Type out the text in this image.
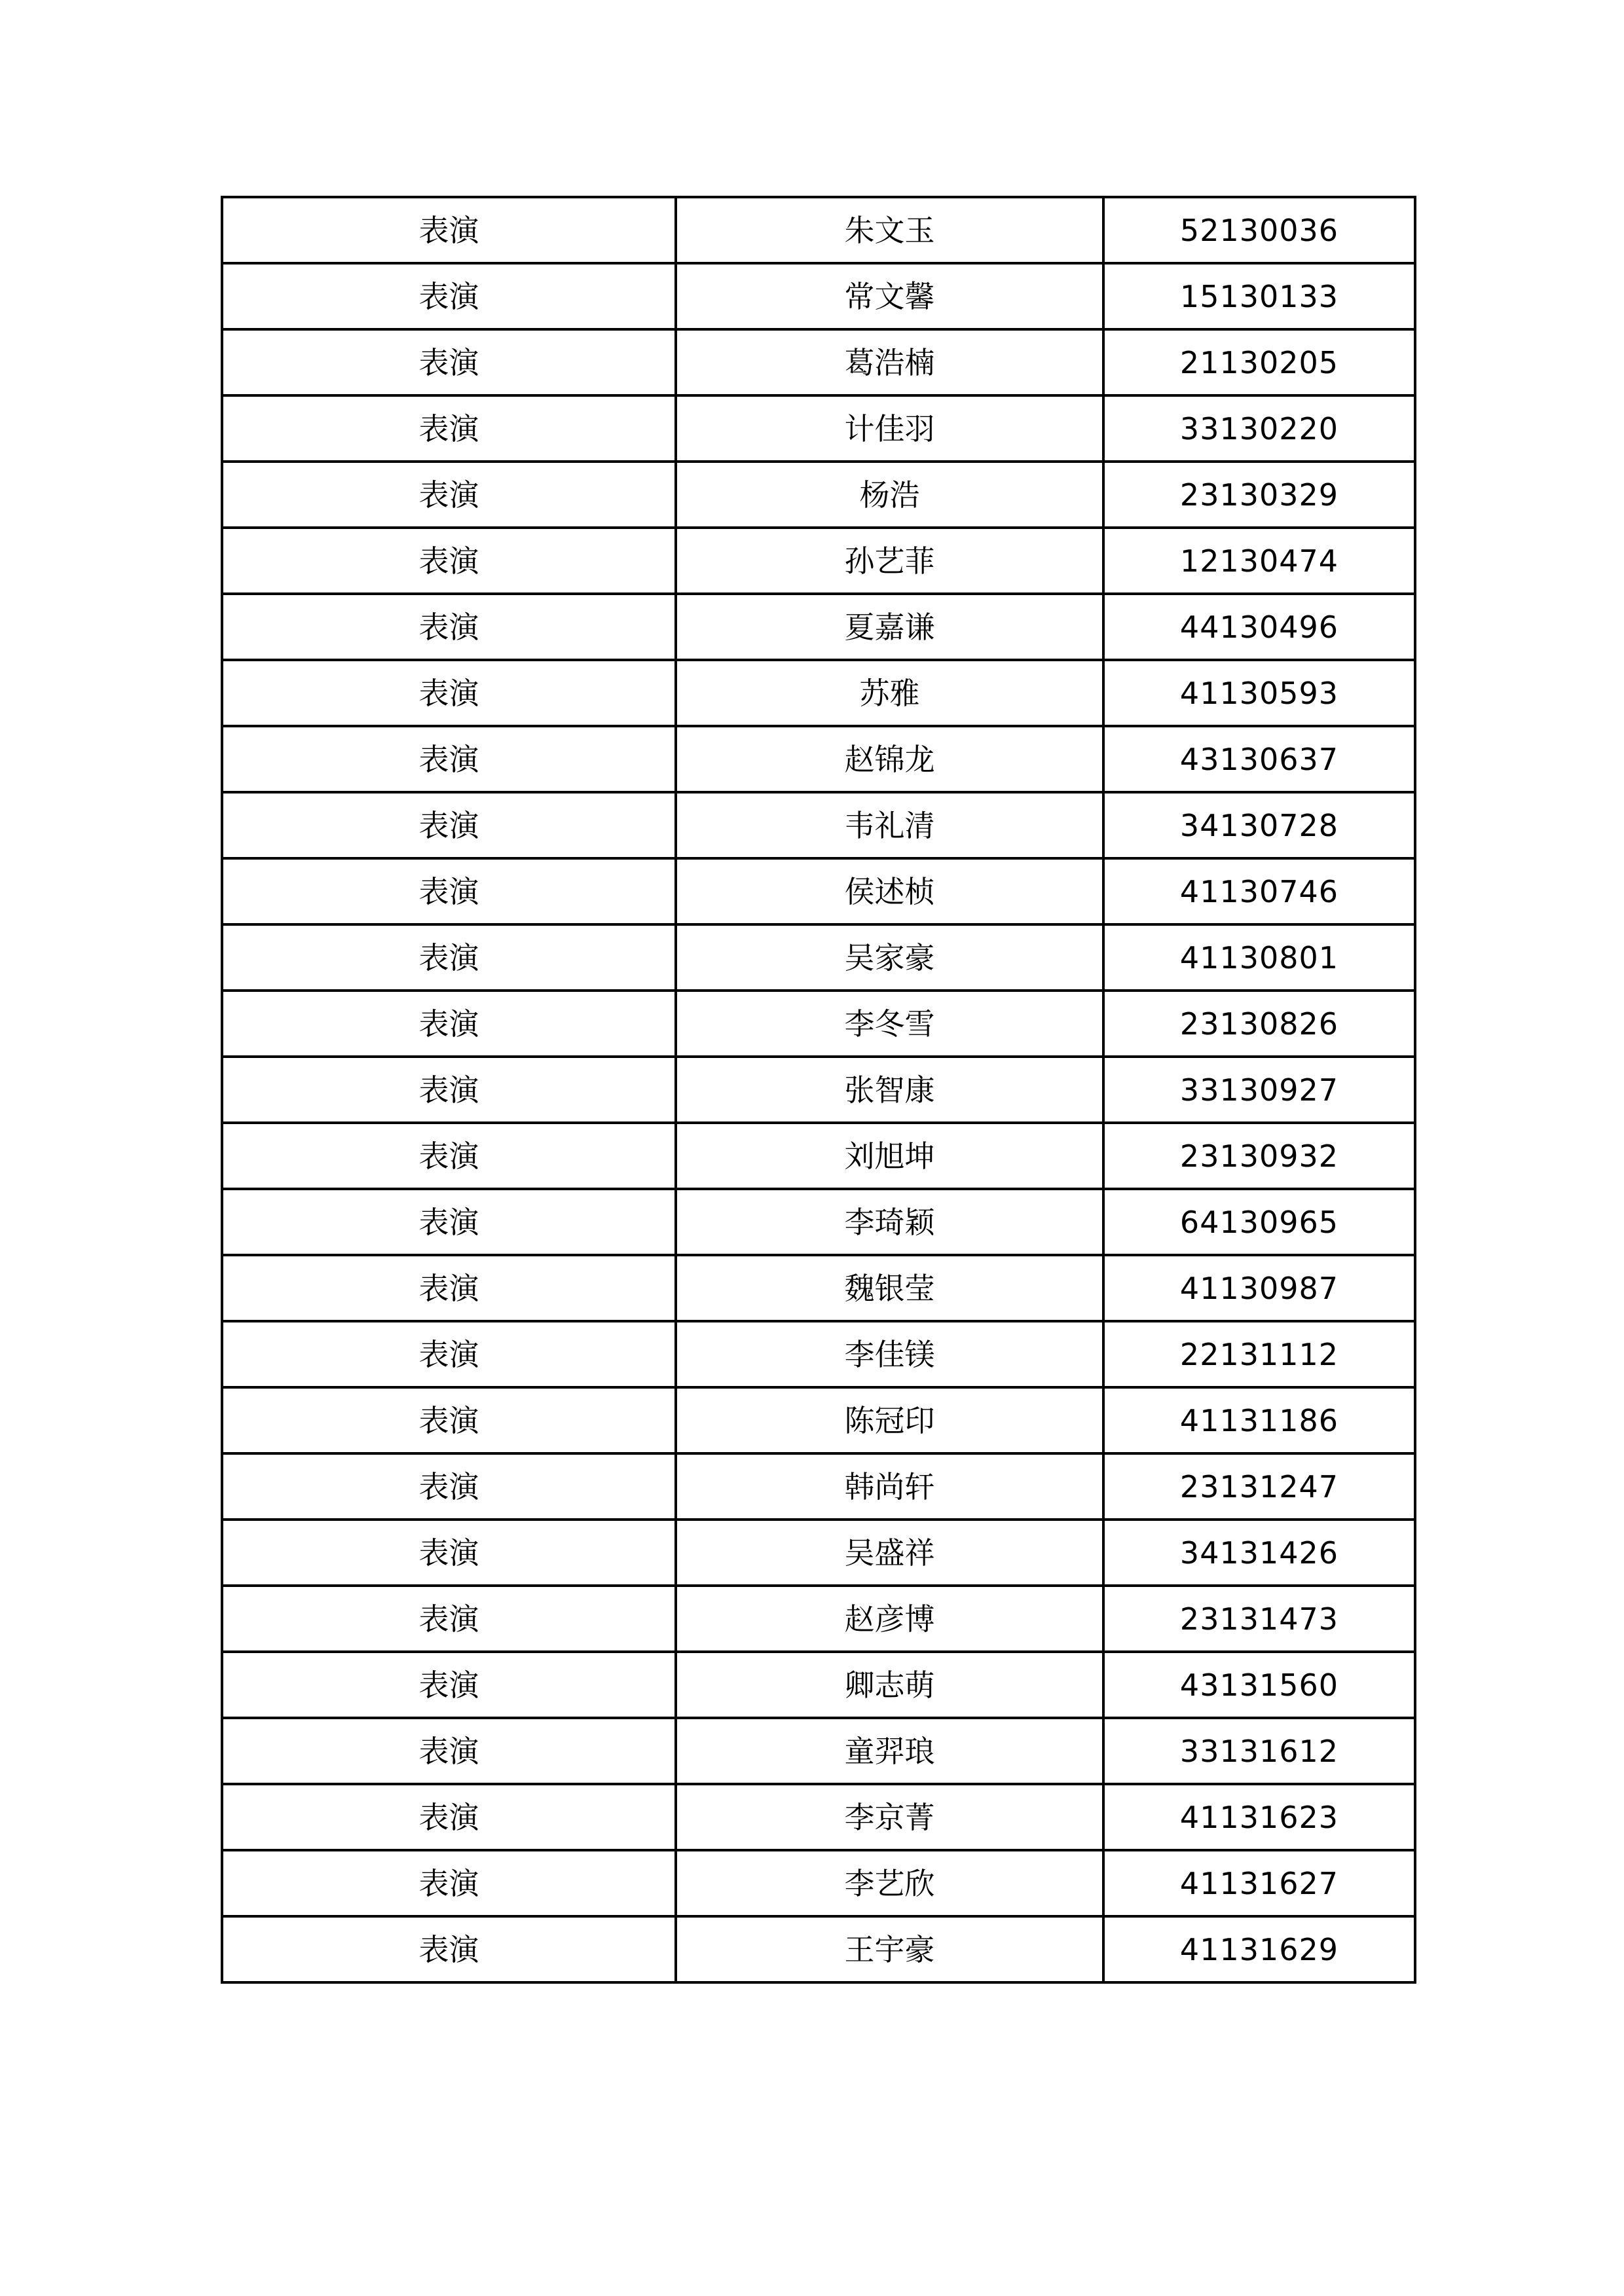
表演	朱文玉	52130036
表演	常文馨	15130133
表演	葛浩楠	21130205
表演	计佳羽	33130220
表演	杨浩	23130329
表演	孙艺菲	12130474
表演	夏嘉谦	44130496
表演	苏雅	41130593
表演	赵锦龙	43130637
表演	韦礼清	34130728
表演	侯述桢	41130746
表演	吴家豪	41130801
表演	李冬雪	23130826
表演	张智康	33130927
表演	刘旭坤	23130932
表演	李琦颖	64130965
表演	魏银莹	41130987
表演	李佳镁	22131112
表演	陈冠印	41131186
表演	韩尚轩	23131247
表演	吴盛祥	34131426
表演	赵彦博	23131473
表演	卿志萌	43131560
表演	童羿琅	33131612
表演	李京菁	41131623
表演	李艺欣	41131627
表演	王宇豪	41131629
